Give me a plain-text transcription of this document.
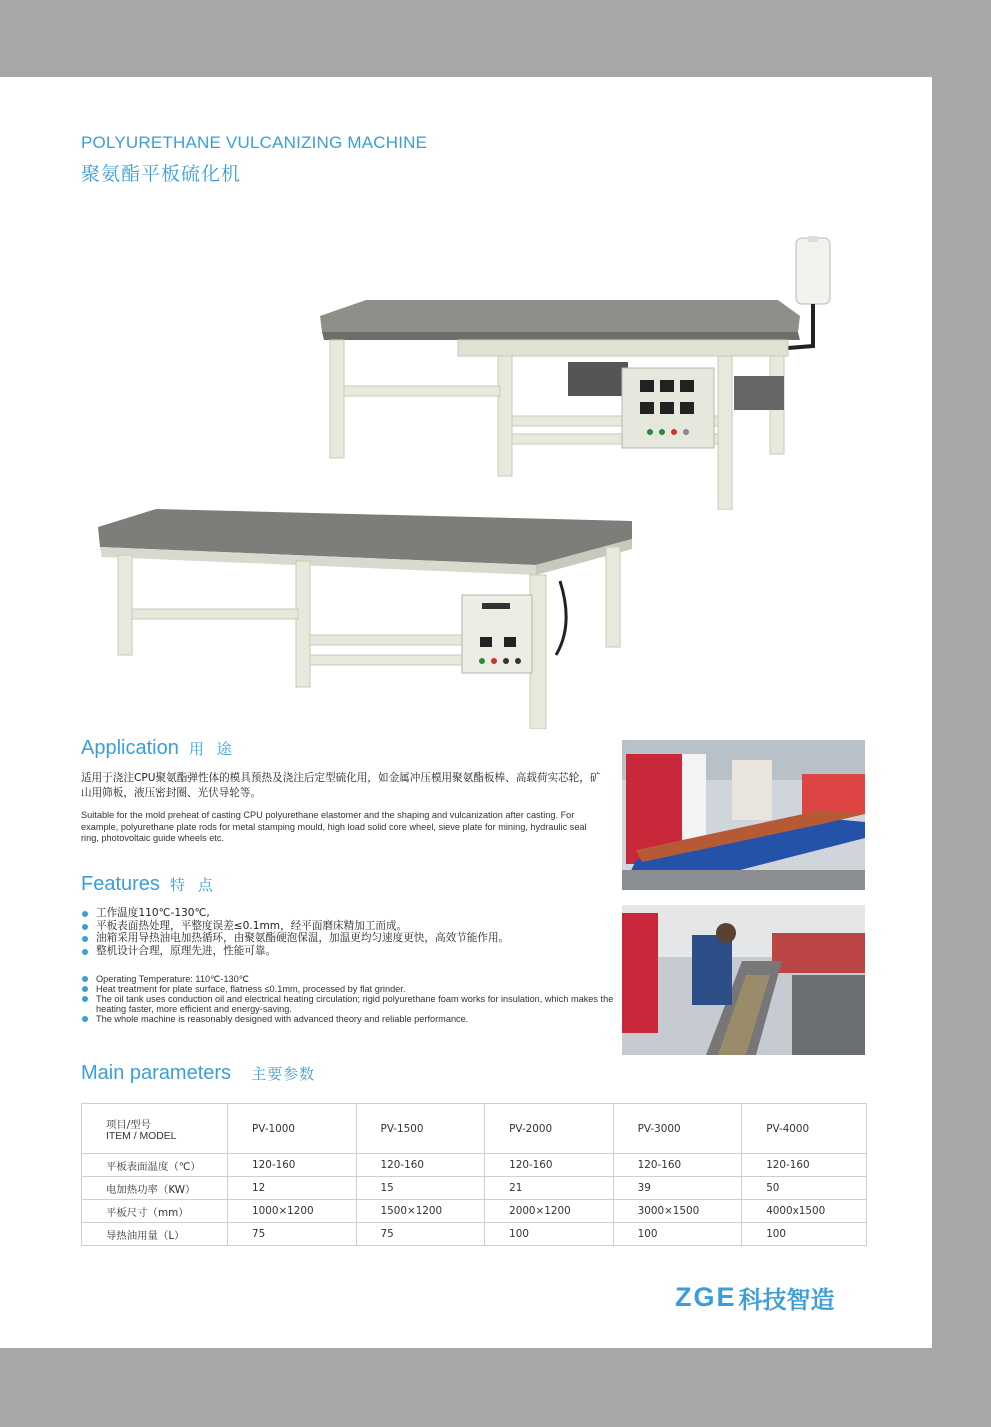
POLYURETHANE VULCANIZING MACHINE
聚氨酯平板硫化机
Application 用 途
适用于浇注CPU聚氨酯弹性体的模具预热及浇注后定型硫化用，如金属冲压模用聚氨酯板棒、高载荷实芯轮，矿山用筛板，液压密封圈、光伏导轮等。
Suitable for the mold preheat of casting CPU polyurethane elastomer and the shaping and vulcanization after casting. For example, polyurethane plate rods for metal stamping mould, high load solid core wheel, sieve plate for mining, hydraulic seal ring, photovoltaic guide wheels etc.
Features 特 点
工作温度110℃-130℃,
平板表面热处理，平整度误差≤0.1mm，经平面磨床精加工而成。
油箱采用导热油电加热循环，由聚氨酯硬泡保温，加温更均匀速度更快，高效节能作用。
整机设计合理，原理先进，性能可靠。
Operating Temperature: 110℃-130℃
Heat treatment for plate surface, flatness ≤0.1mm, processed by flat grinder.
The oil tank uses conduction oil and electrical heating circulation; rigid polyurethane foam works for insulation, which makes the heating faster, more efficient and energy-saving.
The whole machine is reasonably designed with advanced theory and reliable performance.
Main parameters 主要参数
项目/型号
ITEM / MODEL	PV-1000	PV-1500	PV-2000	PV-3000	PV-4000
平板表面温度（℃）	120-160	120-160	120-160	120-160	120-160
电加热功率（KW）	12	15	21	39	50
平板尺寸（mm）	1000×1200	1500×1200	2000×1200	3000×1500	4000x1500
导热油用量（L）	75	75	100	100	100
ZGE 科技智造
